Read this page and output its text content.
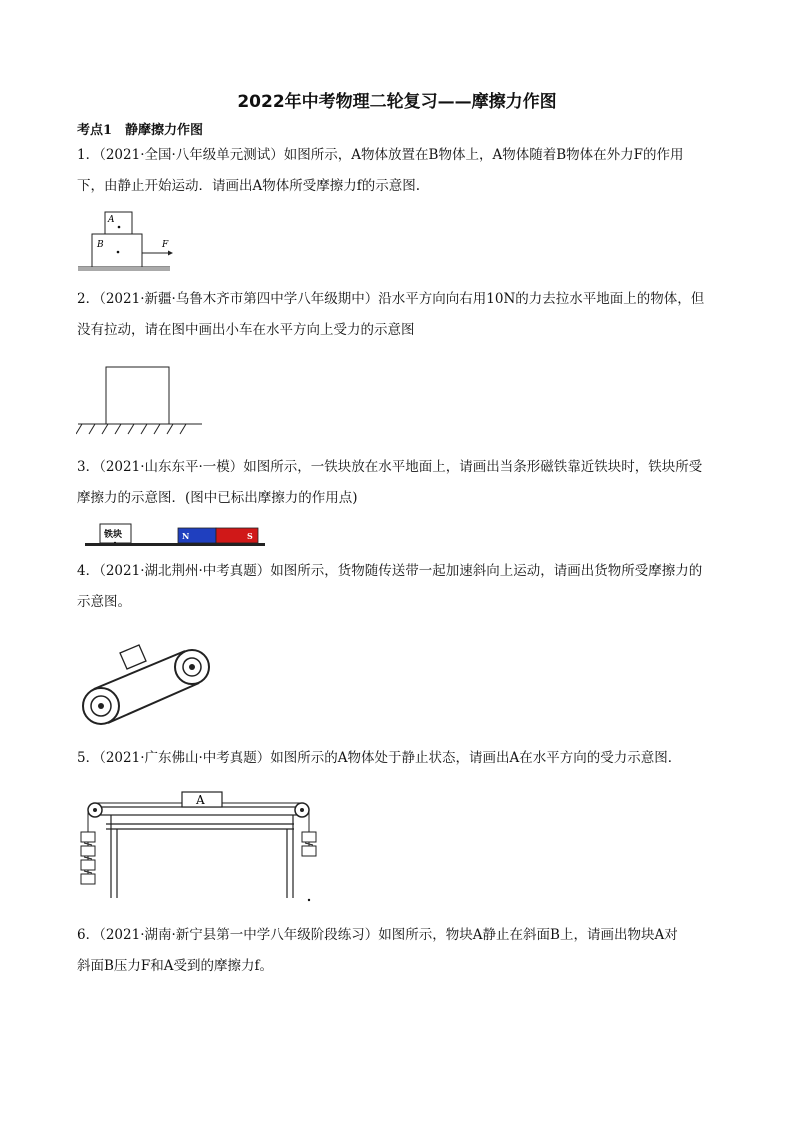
2022年中考物理二轮复习——摩擦力作图
考点1　静摩擦力作图
1．（2021·全国·八年级单元测试）如图所示，A物体放置在B物体上，A物体随着B物体在外力F的作用
下，由静止开始运动．请画出A物体所受摩擦力f的示意图.
A
B	F
2．（2021·新疆·乌鲁木齐市第四中学八年级期中）沿水平方向向右用10N的力去拉水平地面上的物体，但
没有拉动，请在图中画出小车在水平方向上受力的示意图
3．（2021·山东东平·一模）如图所示，一铁块放在水平地面上，请画出当条形磁铁靠近铁块时，铁块所受
摩擦力的示意图．(图中已标出摩擦力的作用点)
铁块	N	S
4．（2021·湖北荆州·中考真题）如图所示，货物随传送带一起加速斜向上运动，请画出货物所受摩擦力的
示意图。
5．（2021·广东佛山·中考真题）如图所示的A物体处于静止状态，请画出A在水平方向的受力示意图．
A
6．（2021·湖南·新宁县第一中学八年级阶段练习）如图所示，物块A静止在斜面B上，请画出物块A对
斜面B压力F和A受到的摩擦力f。
